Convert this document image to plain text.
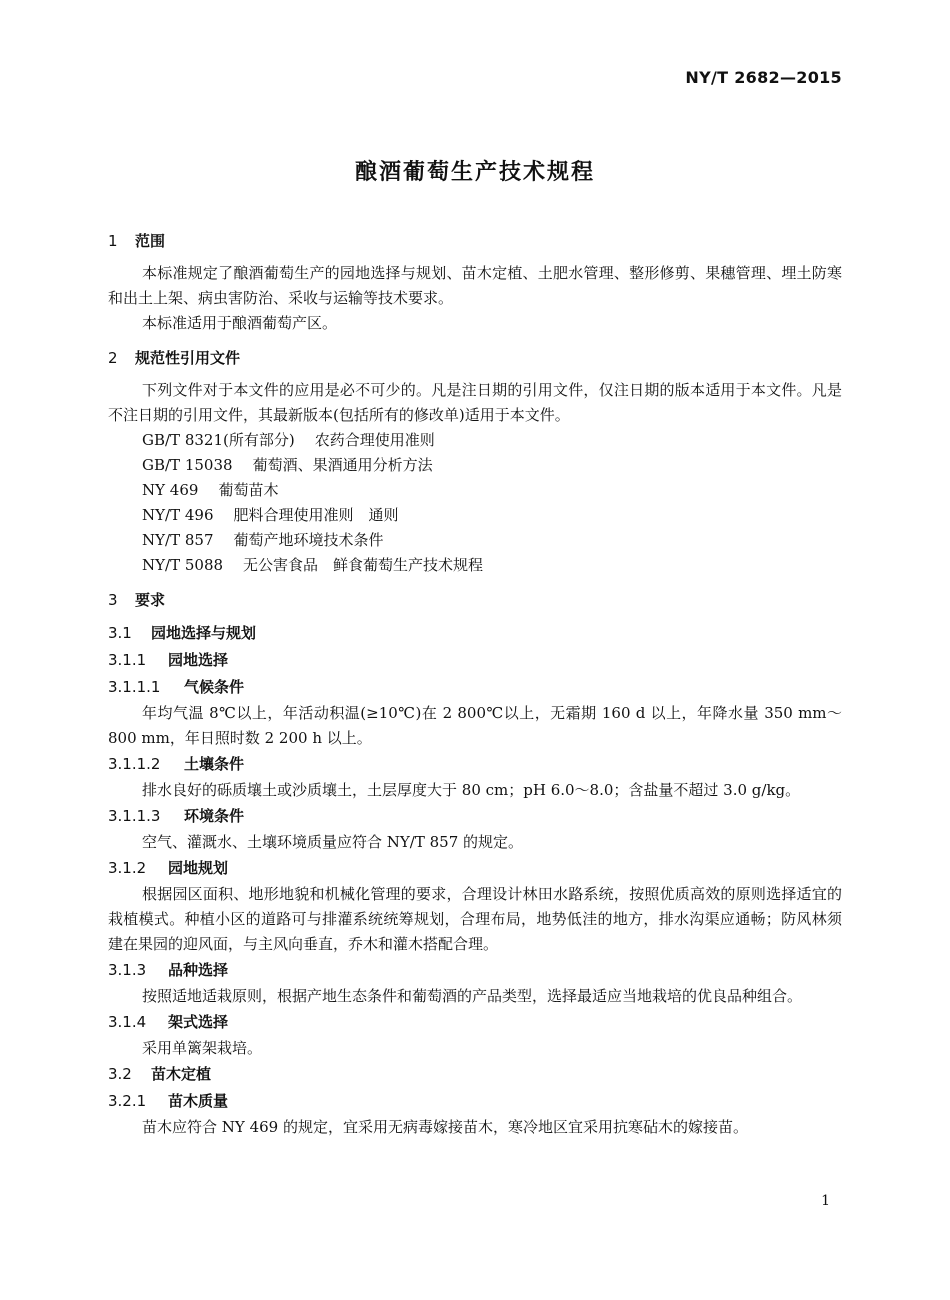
NY/T 2682—2015
酿酒葡萄生产技术规程
1 范围
本标准规定了酿酒葡萄生产的园地选择与规划、苗木定植、土肥水管理、整形修剪、果穗管理、埋土防寒和出土上架、病虫害防治、采收与运输等技术要求。
本标准适用于酿酒葡萄产区。
2 规范性引用文件
下列文件对于本文件的应用是必不可少的。凡是注日期的引用文件，仅注日期的版本适用于本文件。凡是不注日期的引用文件，其最新版本(包括所有的修改单)适用于本文件。
GB/T 8321(所有部分) 农药合理使用准则
GB/T 15038 葡萄酒、果酒通用分析方法
NY 469 葡萄苗木
NY/T 496 肥料合理使用准则　通则
NY/T 857 葡萄产地环境技术条件
NY/T 5088 无公害食品　鲜食葡萄生产技术规程
3 要求
3.1 园地选择与规划
3.1.1 园地选择
3.1.1.1 气候条件
年均气温 8℃以上，年活动积温(≥10℃)在 2 800℃以上，无霜期 160 d 以上，年降水量 350 mm～800 mm，年日照时数 2 200 h 以上。
3.1.1.2 土壤条件
排水良好的砾质壤土或沙质壤土，土层厚度大于 80 cm；pH 6.0～8.0；含盐量不超过 3.0 g/kg。
3.1.1.3 环境条件
空气、灌溉水、土壤环境质量应符合 NY/T 857 的规定。
3.1.2 园地规划
根据园区面积、地形地貌和机械化管理的要求，合理设计林田水路系统，按照优质高效的原则选择适宜的栽植模式。种植小区的道路可与排灌系统统筹规划，合理布局，地势低洼的地方，排水沟渠应通畅；防风林须建在果园的迎风面，与主风向垂直，乔木和灌木搭配合理。
3.1.3 品种选择
按照适地适栽原则，根据产地生态条件和葡萄酒的产品类型，选择最适应当地栽培的优良品种组合。
3.1.4 架式选择
采用单篱架栽培。
3.2 苗木定植
3.2.1 苗木质量
苗木应符合 NY 469 的规定，宜采用无病毒嫁接苗木，寒冷地区宜采用抗寒砧木的嫁接苗。
1
